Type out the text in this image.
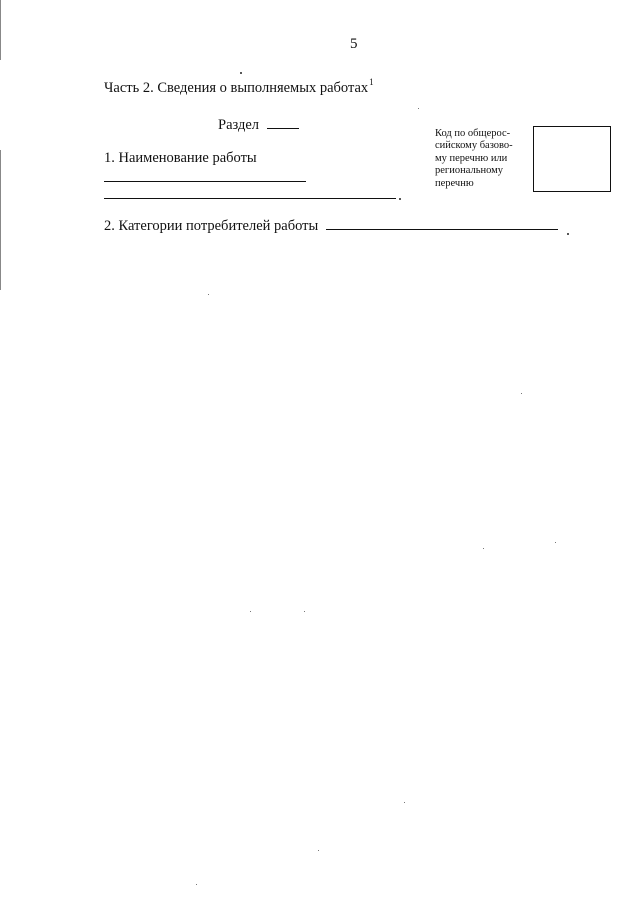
5
Часть 2. Сведения о выполняемых работах$^1$
Раздел
1. Наименование работы
Код по общерос-
сийскому базово-
му перечню или
региональному
перечню
2. Категории потребителей работы
